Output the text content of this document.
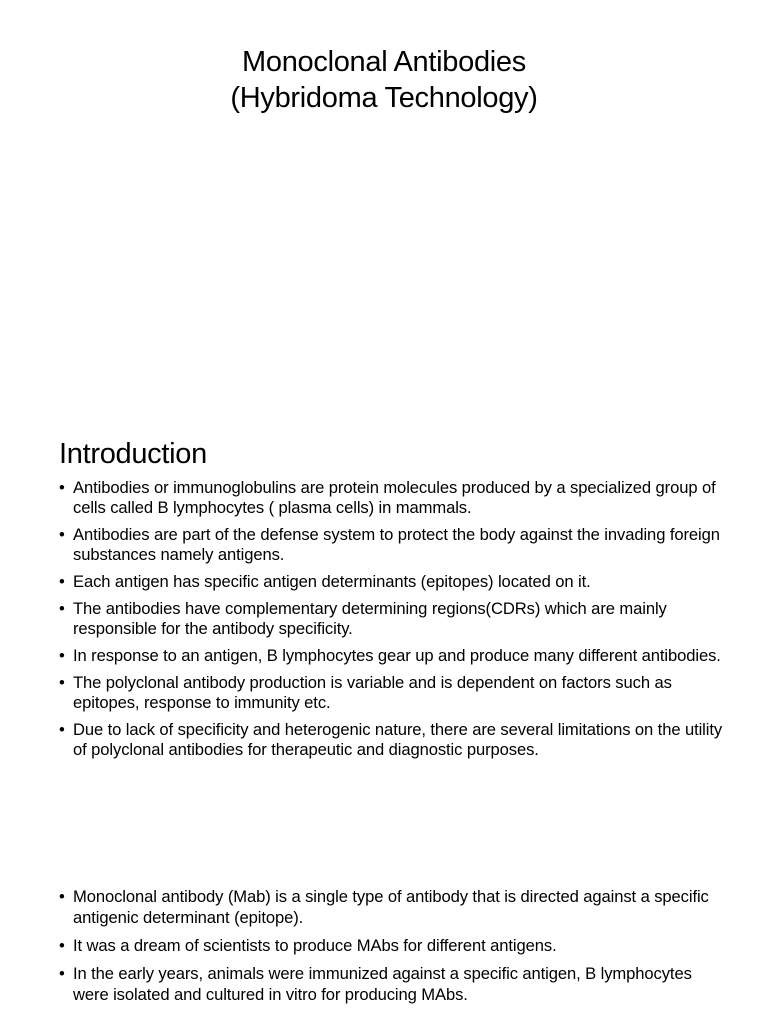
Monoclonal Antibodies
(Hybridoma Technology)
Introduction
• Antibodies or immunoglobulins are protein molecules produced by a specialized group of cells called B lymphocytes ( plasma cells) in mammals.
• Antibodies are part of the defense system to protect the body against the invading foreign substances namely antigens.
• Each antigen has specific antigen determinants (epitopes) located on it.
• The antibodies have complementary determining regions(CDRs) which are mainly responsible for the antibody specificity.
• In response to an antigen, B lymphocytes gear up and produce many different antibodies.
• The polyclonal antibody production is variable and is dependent on factors such as epitopes, response to immunity etc.
• Due to lack of specificity and heterogenic nature, there are several limitations on the utility of polyclonal antibodies for therapeutic and diagnostic purposes.
• Monoclonal antibody (Mab) is a single type of antibody that is directed against a specific antigenic determinant (epitope).
• It was a dream of scientists to produce MAbs for different antigens.
• In the early years, animals were immunized against a specific antigen, B lymphocytes were isolated and cultured in vitro for producing MAbs.
